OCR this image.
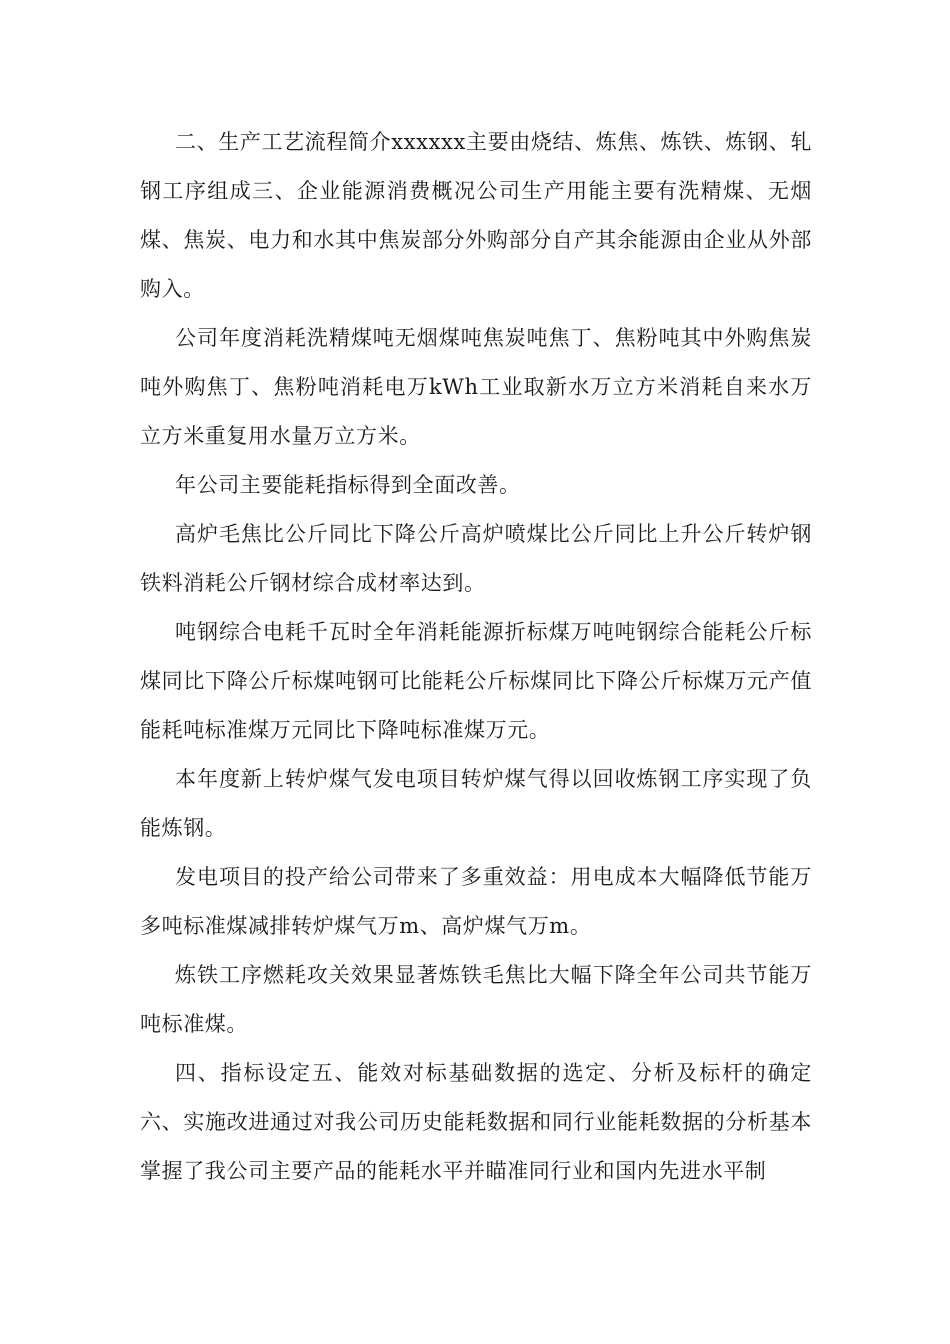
二、生产工艺流程简介xxxxxx主要由烧结、炼焦、炼铁、炼钢、轧钢工序组成三、企业能源消费概况公司生产用能主要有洗精煤、无烟煤、焦炭、电力和水其中焦炭部分外购部分自产其余能源由企业从外部购入。

公司年度消耗洗精煤吨无烟煤吨焦炭吨焦丁、焦粉吨其中外购焦炭吨外购焦丁、焦粉吨消耗电万kWh工业取新水万立方米消耗自来水万立方米重复用水量万立方米。

年公司主要能耗指标得到全面改善。

高炉毛焦比公斤同比下降公斤高炉喷煤比公斤同比上升公斤转炉钢铁料消耗公斤钢材综合成材率达到。

吨钢综合电耗千瓦时全年消耗能源折标煤万吨吨钢综合能耗公斤标煤同比下降公斤标煤吨钢可比能耗公斤标煤同比下降公斤标煤万元产值能耗吨标准煤万元同比下降吨标准煤万元。

本年度新上转炉煤气发电项目转炉煤气得以回收炼钢工序实现了负能炼钢。

发电项目的投产给公司带来了多重效益：用电成本大幅降低节能万多吨标准煤减排转炉煤气万m、高炉煤气万m。

炼铁工序燃耗攻关效果显著炼铁毛焦比大幅下降全年公司共节能万吨标准煤。

四、指标设定五、能效对标基础数据的选定、分析及标杆的确定六、实施改进通过对我公司历史能耗数据和同行业能耗数据的分析基本掌握了我公司主要产品的能耗水平并瞄准同行业和国内先进水平制
